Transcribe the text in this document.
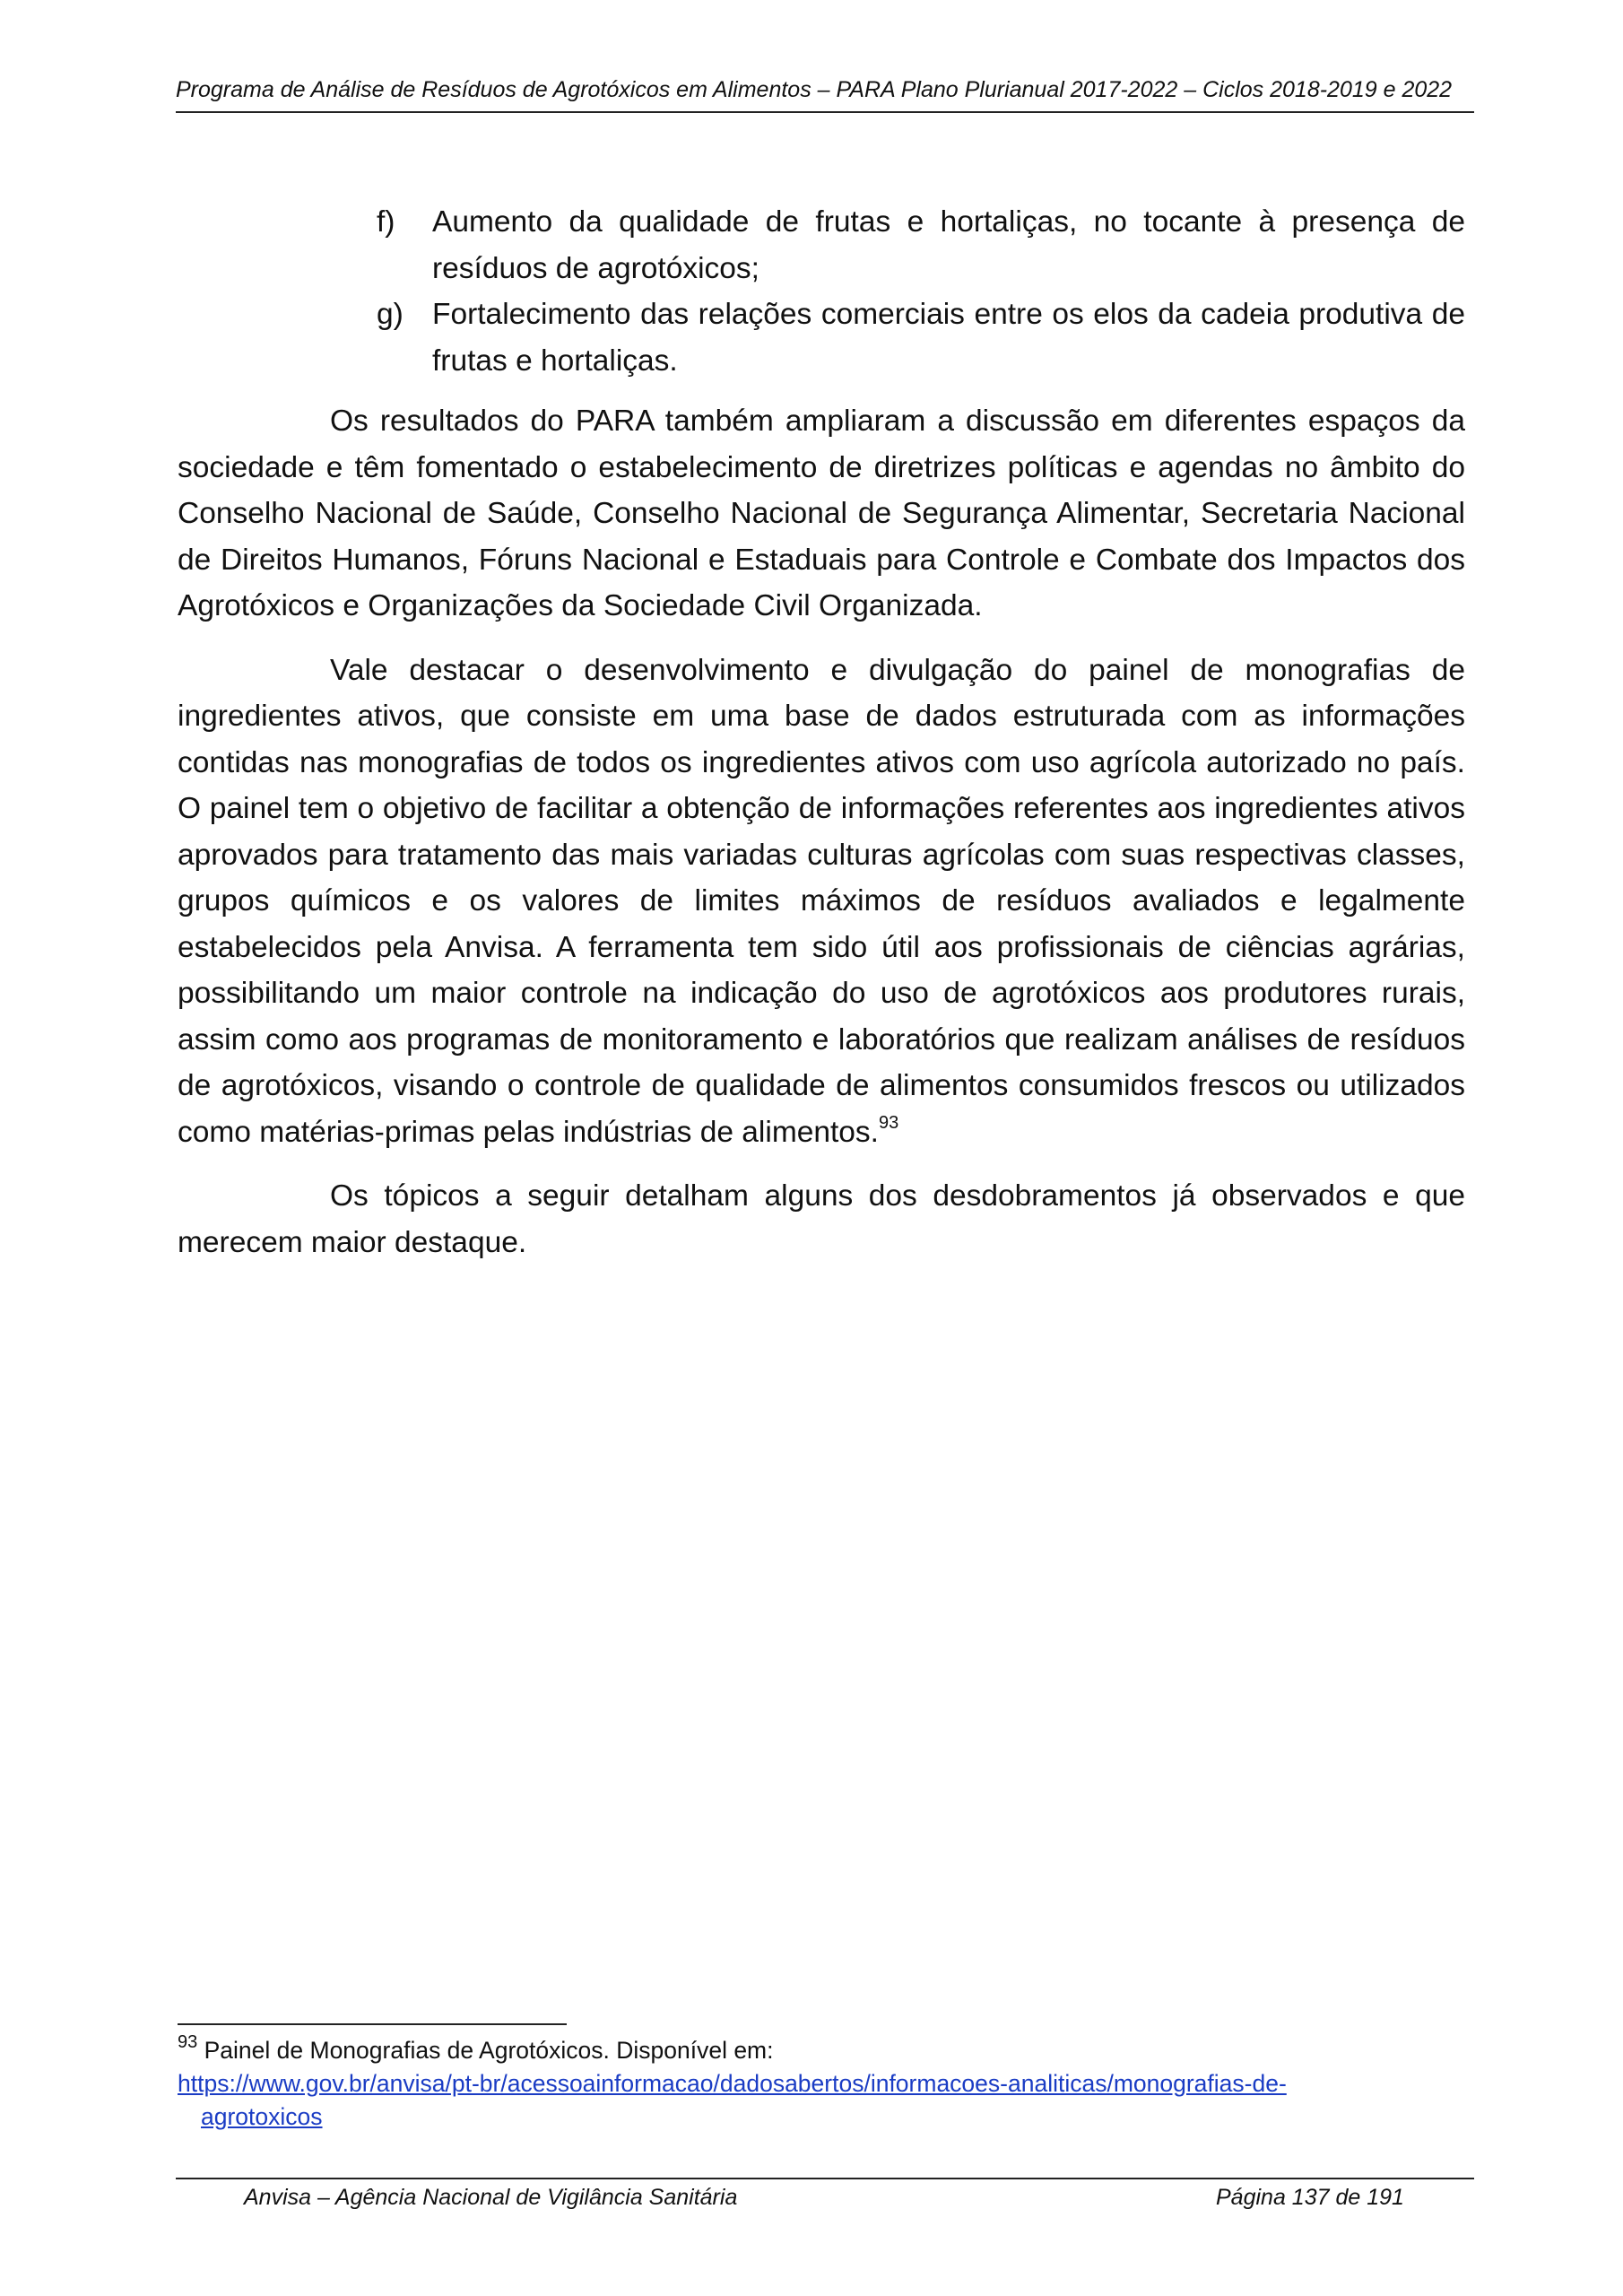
Programa de Análise de Resíduos de Agrotóxicos em Alimentos – PARA Plano Plurianual 2017-2022 – Ciclos 2018-2019 e 2022
f)	Aumento da qualidade de frutas e hortaliças, no tocante à presença de resíduos de agrotóxicos;
g) Fortalecimento das relações comerciais entre os elos da cadeia produtiva de frutas e hortaliças.

Os resultados do PARA também ampliaram a discussão em diferentes espaços da sociedade e têm fomentado o estabelecimento de diretrizes políticas e agendas no âmbito do Conselho Nacional de Saúde, Conselho Nacional de Segurança Alimentar, Secretaria Nacional de Direitos Humanos, Fóruns Nacional e Estaduais para Controle e Combate dos Impactos dos Agrotóxicos e Organizações da Sociedade Civil Organizada.

Vale destacar o desenvolvimento e divulgação do painel de monografias de ingredientes ativos, que consiste em uma base de dados estruturada com as informações contidas nas monografias de todos os ingredientes ativos com uso agrícola autorizado no país. O painel tem o objetivo de facilitar a obtenção de informações referentes aos ingredientes ativos aprovados para tratamento das mais variadas culturas agrícolas com suas respectivas classes, grupos químicos e os valores de limites máximos de resíduos avaliados e legalmente estabelecidos pela Anvisa. A ferramenta tem sido útil aos profissionais de ciências agrárias, possibilitando um maior controle na indicação do uso de agrotóxicos aos produtores rurais, assim como aos programas de monitoramento e laboratórios que realizam análises de resíduos de agrotóxicos, visando o controle de qualidade de alimentos consumidos frescos ou utilizados como matérias-primas pelas indústrias de alimentos.$^{93}$

Os tópicos a seguir detalham alguns dos desdobramentos já observados e que merecem maior destaque.

$^{93}$ Painel de Monografias de Agrotóxicos. Disponível em:
https://www.gov.br/anvisa/pt-br/acessoainformacao/dadosabertos/informacoes-analiticas/monografias-de-
agrotoxicos
Anvisa – Agência Nacional de Vigilância Sanitária	Página 137 de 191
